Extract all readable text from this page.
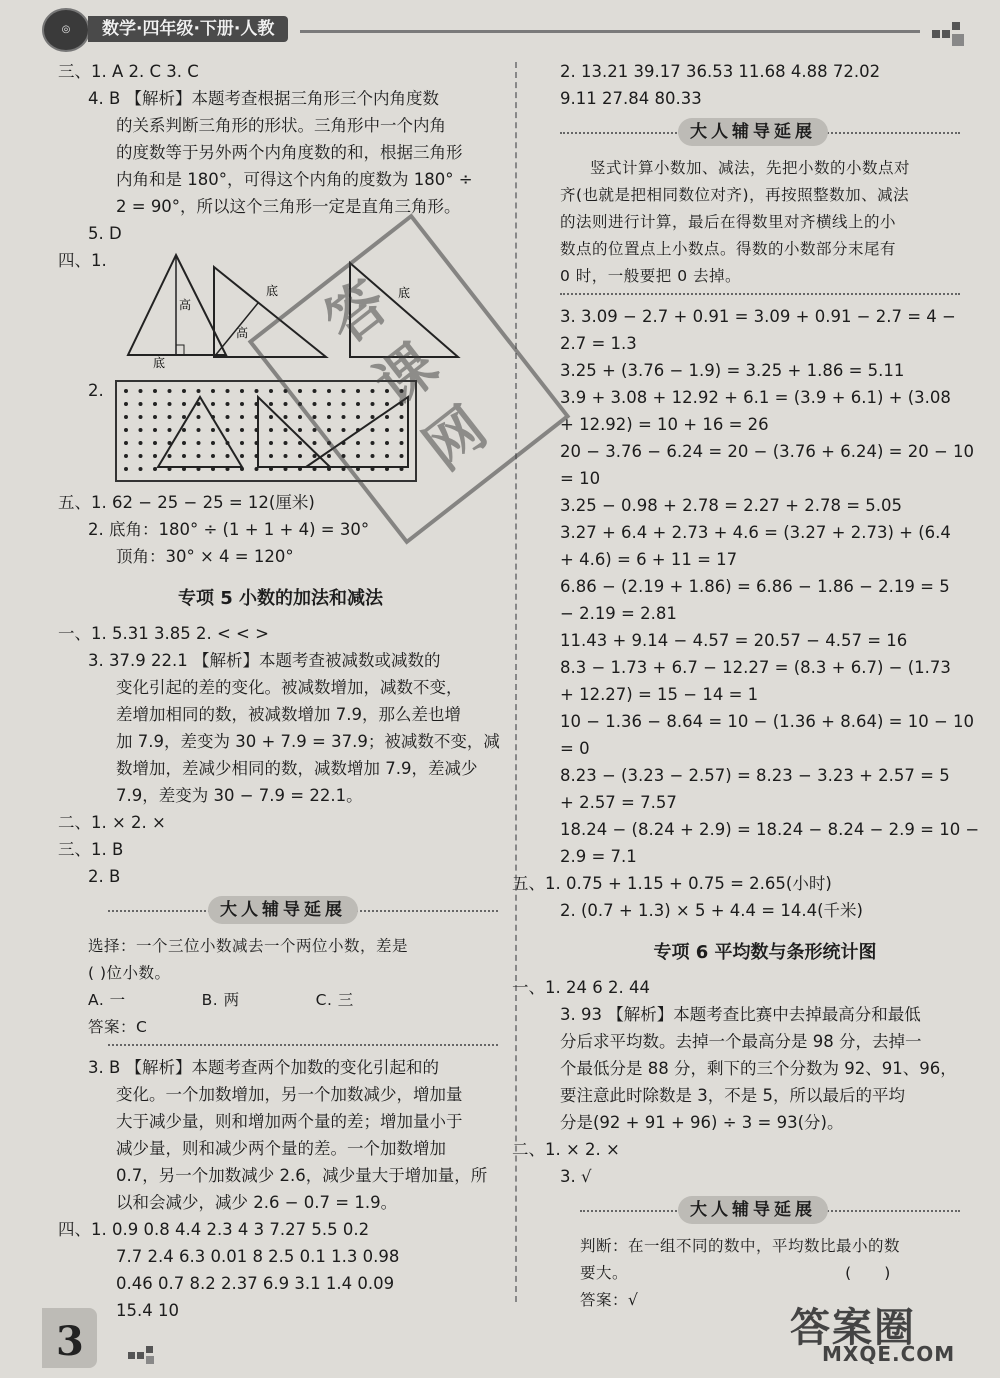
◎	数学·四年级·下册·人教
三、1. A 2. C 3. C
4. B 【解析】本题考查根据三角形三个内角度数
的关系判断三角形的形状。三角形中一个内角
的度数等于另外两个内角度数的和，根据三角形
内角和是 180°，可得这个内角的度数为 180° ÷
2 = 90°，所以这个三角形一定是直角三角形。
5. D
四、1.
底
高
底
高
底
2.
五、1. 62 − 25 − 25 = 12(厘米)
2. 底角：180° ÷ (1 + 1 + 4) = 30°
顶角：30° × 4 = 120°
专项 5 小数的加法和减法
一、1. 5.31 3.85 2. < < >
3. 37.9 22.1 【解析】本题考查被减数或减数的
变化引起的差的变化。被减数增加，减数不变，
差增加相同的数，被减数增加 7.9，那么差也增
加 7.9，差变为 30 + 7.9 = 37.9；被减数不变，减
数增加，差减少相同的数，减数增加 7.9，差减少
7.9，差变为 30 − 7.9 = 22.1。
二、1. × 2. ×
三、1. B
2. B
大人辅导延展
选择：一个三位小数减去一个两位小数，差是
( )位小数。
A. 一              B. 两              C. 三
答案：C
3. B 【解析】本题考查两个加数的变化引起和的
变化。一个加数增加，另一个加数减少，增加量
大于减少量，则和增加两个量的差；增加量小于
减少量，则和减少两个量的差。一个加数增加
0.7，另一个加数减少 2.6，减少量大于增加量，所
以和会减少，减少 2.6 − 0.7 = 1.9。
四、1. 0.9 0.8 4.4 2.3 4 3 7.27 5.5 0.2
7.7 2.4 6.3 0.01 8 2.5 0.1 1.3 0.98
0.46 0.7 8.2 2.37 6.9 3.1 1.4 0.09
15.4 10
2. 13.21 39.17 36.53 11.68 4.88 72.02
9.11 27.84 80.33
大人辅导延展
竖式计算小数加、减法，先把小数的小数点对
齐(也就是把相同数位对齐)，再按照整数加、减法
的法则进行计算，最后在得数里对齐横线上的小
数点的位置点上小数点。得数的小数部分末尾有
0 时，一般要把 0 去掉。
3. 3.09 − 2.7 + 0.91 = 3.09 + 0.91 − 2.7 = 4 −
2.7 = 1.3
3.25 + (3.76 − 1.9) = 3.25 + 1.86 = 5.11
3.9 + 3.08 + 12.92 + 6.1 = (3.9 + 6.1) + (3.08
+ 12.92) = 10 + 16 = 26
20 − 3.76 − 6.24 = 20 − (3.76 + 6.24) = 20 − 10
= 10
3.25 − 0.98 + 2.78 = 2.27 + 2.78 = 5.05
3.27 + 6.4 + 2.73 + 4.6 = (3.27 + 2.73) + (6.4
+ 4.6) = 6 + 11 = 17
6.86 − (2.19 + 1.86) = 6.86 − 1.86 − 2.19 = 5
− 2.19 = 2.81
11.43 + 9.14 − 4.57 = 20.57 − 4.57 = 16
8.3 − 1.73 + 6.7 − 12.27 = (8.3 + 6.7) − (1.73
+ 12.27) = 15 − 14 = 1
10 − 1.36 − 8.64 = 10 − (1.36 + 8.64) = 10 − 10
= 0
8.23 − (3.23 − 2.57) = 8.23 − 3.23 + 2.57 = 5
+ 2.57 = 7.57
18.24 − (8.24 + 2.9) = 18.24 − 8.24 − 2.9 = 10 −
2.9 = 7.1
五、1. 0.75 + 1.15 + 0.75 = 2.65(小时)
2. (0.7 + 1.3) × 5 + 4.4 = 14.4(千米)
专项 6 平均数与条形统计图
一、1. 24 6 2. 44
3. 93 【解析】本题考查比赛中去掉最高分和最低
分后求平均数。去掉一个最高分是 98 分，去掉一
个最低分是 88 分，剩下的三个分数为 92、91、96，
要注意此时除数是 3，不是 5，所以最后的平均
分是(92 + 91 + 96) ÷ 3 = 93(分)。
二、1. × 2. ×
3. √
大人辅导延展
判断：在一组不同的数中，平均数比最小的数
要大。                                        (      )
答案：√
答
课
网
3	答案圈
MXQE.COM
